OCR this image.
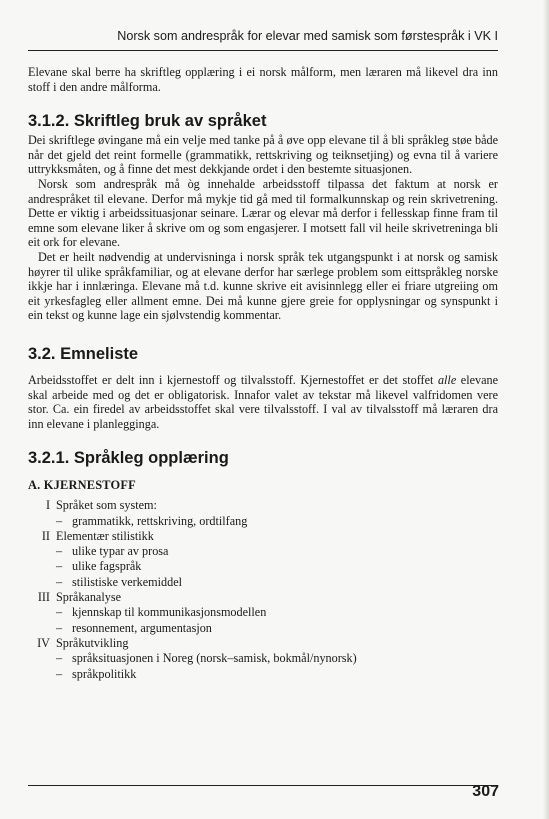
Norsk som andrespråk for elevar med samisk som førstespråk i VK I

Elevane skal berre ha skriftleg opplæring i ei norsk målform, men læraren må likevel dra inn stoff i den andre målforma.

3.1.2. Skriftleg bruk av språket

Dei skriftlege øvingane må ein velje med tanke på å øve opp elevane til å bli språkleg støe både når det gjeld det reint formelle (grammatikk, rettskriving og teiknsetjing) og evna til å variere uttrykksmåten, og å finne det mest dekkjande ordet i den bestemte situasjonen.

Norsk som andrespråk må òg innehalde arbeidsstoff tilpassa det faktum at norsk er andrespråket til elevane. Derfor må mykje tid gå med til formalkunnskap og rein skrivetrening. Dette er viktig i arbeidssituasjonar seinare. Lærar og elevar må derfor i fellesskap finne fram til emne som elevane liker å skrive om og som engasjerer. I motsett fall vil heile skrivetreninga bli eit ork for elevane.

Det er heilt nødvendig at undervisninga i norsk språk tek utgangspunkt i at norsk og samisk høyrer til ulike språkfamiliar, og at elevane derfor har særlege problem som eittspråkleg norske ikkje har i innlæringa. Elevane må t.d. kunne skrive eit avisinnlegg eller ei friare utgreiing om eit yrkesfagleg eller allment emne. Dei må kunne gjere greie for opplysningar og synspunkt i ein tekst og kunne lage ein sjølvstendig kommentar.

3.2. Emneliste

Arbeidsstoffet er delt inn i kjernestoff og tilvalsstoff. Kjernestoffet er det stoffet alle elevane skal arbeide med og det er obligatorisk. Innafor valet av tekstar må likevel valfridomen vere stor. Ca. ein firedel av arbeidsstoffet skal vere tilvalsstoff. I val av tilvalsstoff må læraren dra inn elevane i planlegginga.

3.2.1. Språkleg opplæring
A. KJERNESTOFF
I Språket som system:
– grammatikk, rettskriving, ordtilfang
II Elementær stilistikk
– ulike typar av prosa
– ulike fagspråk
– stilistiske verkemiddel
III Språkanalyse
– kjennskap til kommunikasjonsmodellen
– resonnement, argumentasjon
IV Språkutvikling
– språksituasjonen i Noreg (norsk–samisk, bokmål/nynorsk)
– språkpolitikk
307
